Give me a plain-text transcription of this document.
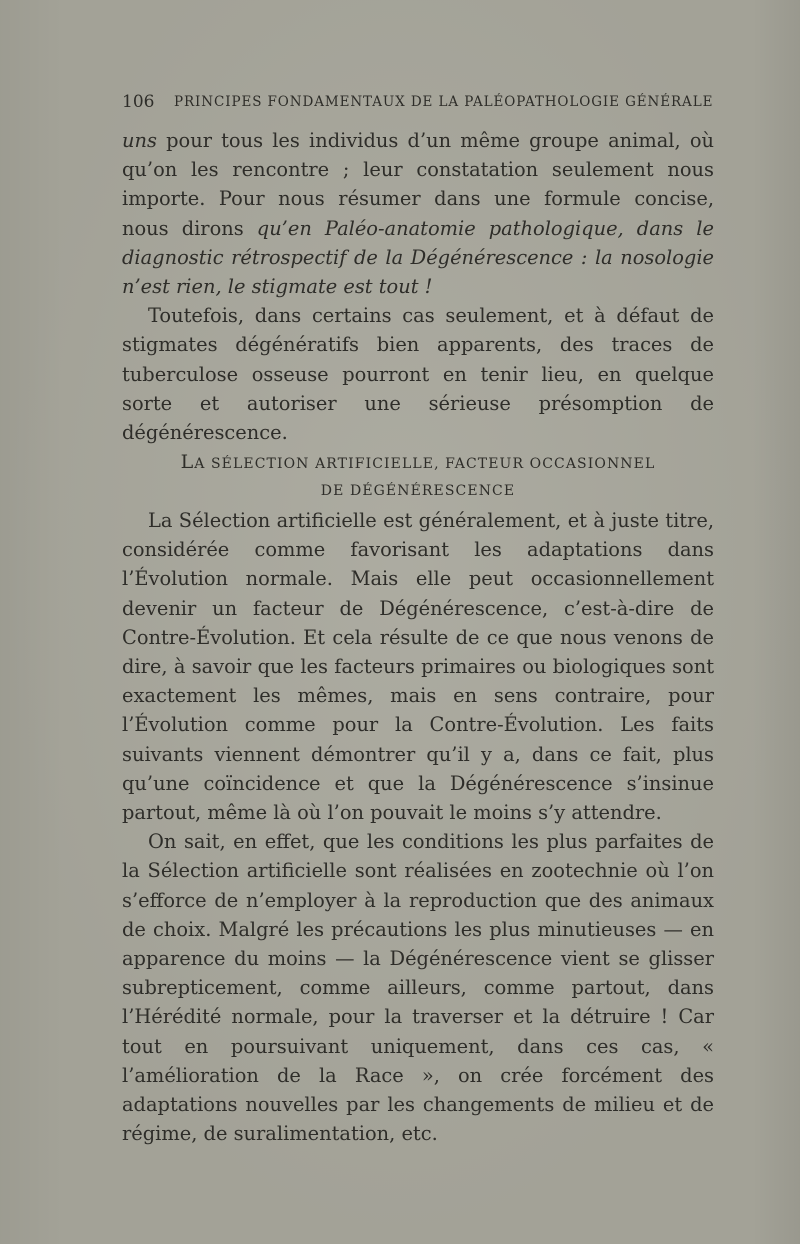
106 PRINCIPES FONDAMENTAUX DE LA PALÉOPATHOLOGIE GÉNÉRALE

uns pour tous les individus d’un même groupe animal, où qu’on les rencontre ; leur constatation seulement nous importe. Pour nous résumer dans une formule concise, nous dirons qu’en Paléo-anatomie pathologique, dans le diagnostic rétrospectif de la Dégénérescence : la nosologie n’est rien, le stigmate est tout !

Toutefois, dans certains cas seulement, et à défaut de stigmates dégénératifs bien apparents, des traces de tuberculose osseuse pourront en tenir lieu, en quelque sorte et autoriser une sérieuse présomption de dégénérescence.

LA SÉLECTION ARTIFICIELLE, FACTEUR OCCASIONNEL
DE DÉGÉNÉRESCENCE

La Sélection artificielle est généralement, et à juste titre, considérée comme favorisant les adaptations dans l’Évolution normale. Mais elle peut occasionnellement devenir un facteur de Dégénérescence, c’est-à-dire de Contre-Évolution. Et cela résulte de ce que nous venons de dire, à savoir que les facteurs primaires ou biologiques sont exactement les mêmes, mais en sens contraire, pour l’Évolution comme pour la Contre-Évolution. Les faits suivants viennent démontrer qu’il y a, dans ce fait, plus qu’une coïncidence et que la Dégénérescence s’insinue partout, même là où l’on pouvait le moins s’y attendre.

On sait, en effet, que les conditions les plus parfaites de la Sélection artificielle sont réalisées en zootechnie où l’on s’efforce de n’employer à la reproduction que des animaux de choix. Malgré les précautions les plus minutieuses — en apparence du moins — la Dégénérescence vient se glisser subrepticement, comme ailleurs, comme partout, dans l’Hérédité normale, pour la traverser et la détruire ! Car tout en poursuivant uniquement, dans ces cas, « l’amélioration de la Race », on crée forcément des adaptations nouvelles par les changements de milieu et de régime, de suralimentation, etc.
